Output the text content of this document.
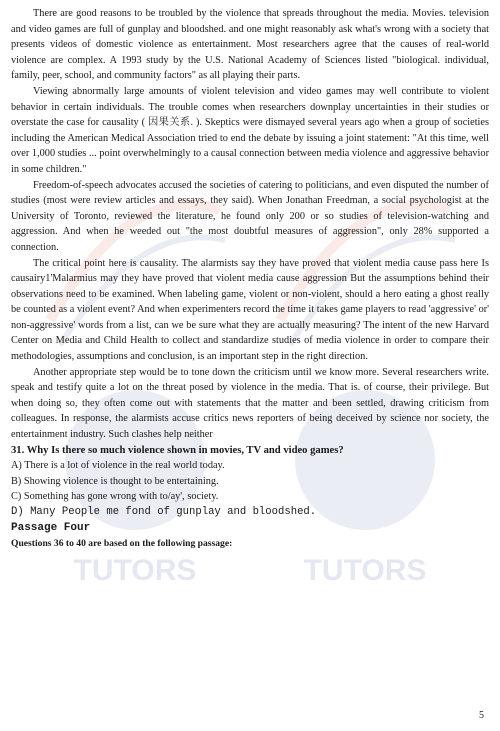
TUTORS	TUTORS

There are good reasons to be troubled by the violence that spreads throughout the media. Movies. television and video games are full of gunplay and bloodshed. and one might reasonably ask what's wrong with a society that presents videos of domestic violence as entertainment. Most researchers agree that the causes of real-world violence are complex. A 1993 study by the U.S. National Academy of Sciences listed "biological. individual, family, peer, school, and community factors" as all playing their parts.

Viewing abnormally large amounts of violent television and video games may well contribute to violent behavior in certain individuals. The trouble comes when researchers downplay uncertainties in their studies or overstate the case for causality ( 因果关系. ). Skeptics were dismayed several years ago when a group of societies including the American Medical Association tried to end the debate by issuing a joint statement: "At this time, well over 1,000 studies ... point overwhelmingly to a causal connection between media violence and aggressive behavior in some children."

Freedom-of-speech advocates accused the societies of catering to politicians, and even disputed the number of studies (most were review articles and essays, they said). When Jonathan Freedman, a social psychologist at the University of Toronto, reviewed the literature, he found only 200 or so studies of television-watching and aggression. And when he weeded out "the most doubtful measures of aggression", only 28% supported a connection.

The critical point here is causality. The alarmists say they have proved that violent media cause pass here Is causairy1'Malarmius may they have proved that violent media cause aggression But the assumptions behind their observations need to be examined. When labeling game, violent or non-violent, should a hero eating a ghost really be counted as a violent event? And when experimenters record the time it takes game players to read 'aggressive' or' non-aggressive' words from a list, can we be sure what they are actually measuring? The intent of the new Harvard Center on Media and Child Health to collect and standardize studies of media violence in order to compare their methodologies, assumptions and conclusion, is an important step in the right direction.

Another appropriate step would be to tone down the criticism until we know more. Several researchers write. speak and testify quite a lot on the threat posed by violence in the media. That is. of course, their privilege. But when doing so, they often come out with statements that the matter and been settled, drawing criticism from colleagues. In response, the alarmists accuse critics news reporters of being deceived by science nor society, the entertainment industry. Such clashes help neither

31. Why Is there so much violence shown in movies, TV and video games?

A) There is a lot of violence in the real world today.

B) Showing violence is thought to be entertaining.

C) Something has gone wrong with to/ay', society.

D) Many People me fond of gunplay and bloodshed.

Passage Four

Questions 36 to 40 are based on the following passage:

5
